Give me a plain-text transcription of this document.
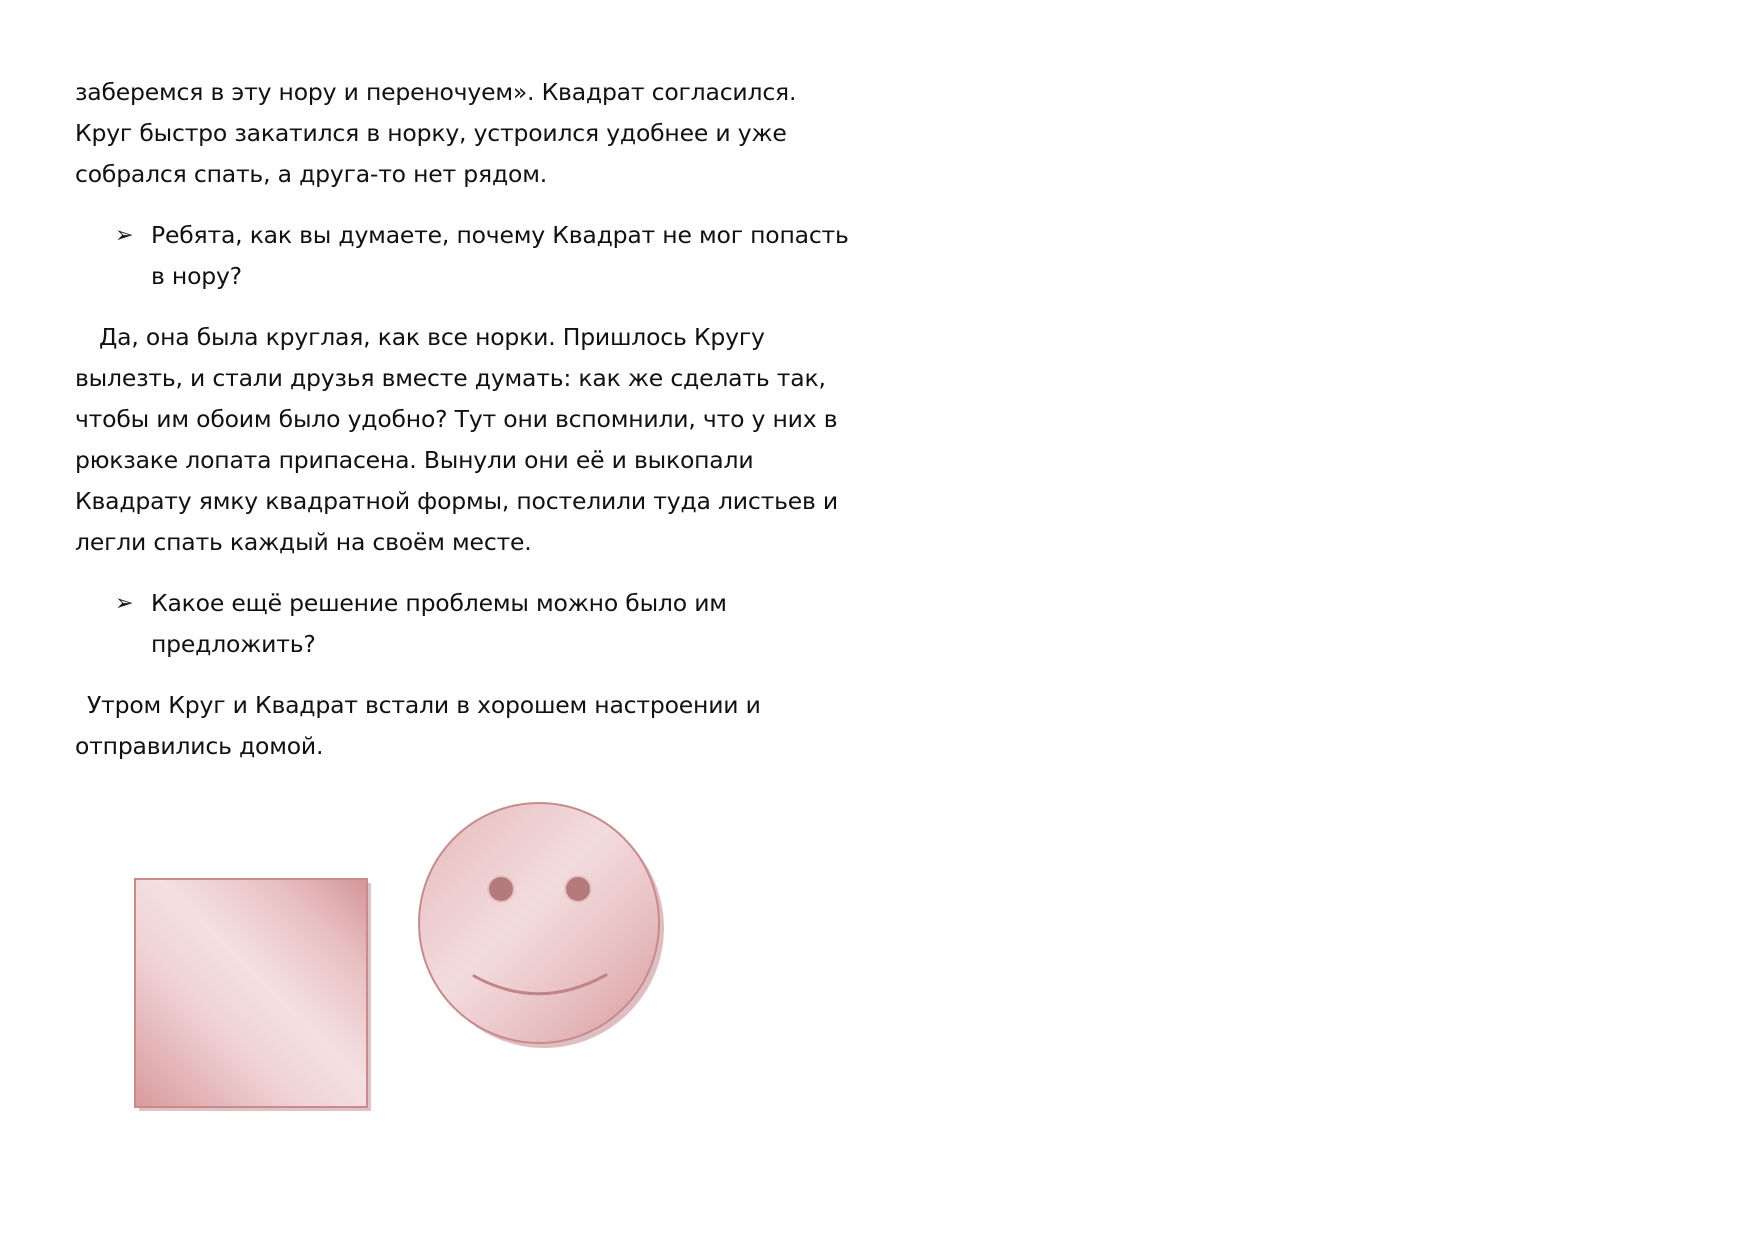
заберемся в эту нору и переночуем». Квадрат согласился. Круг быстро закатился в норку, устроился удобнее и уже собрался спать, а друга-то нет рядом.

➢ Ребята, как вы думаете, почему Квадрат не мог попасть в нору?

Да, она была круглая, как все норки. Пришлось Кругу вылезть, и стали друзья вместе думать: как же сделать так, чтобы им обоим было удобно? Тут они вспомнили, что у них в рюкзаке лопата припасена. Вынули они её и выкопали Квадрату ямку квадратной формы, постелили туда листьев и легли спать каждый на своём месте.

➢ Какое ещё решение проблемы можно было им предложить?

Утром Круг и Квадрат встали в хорошем настроении и отправились домой.
